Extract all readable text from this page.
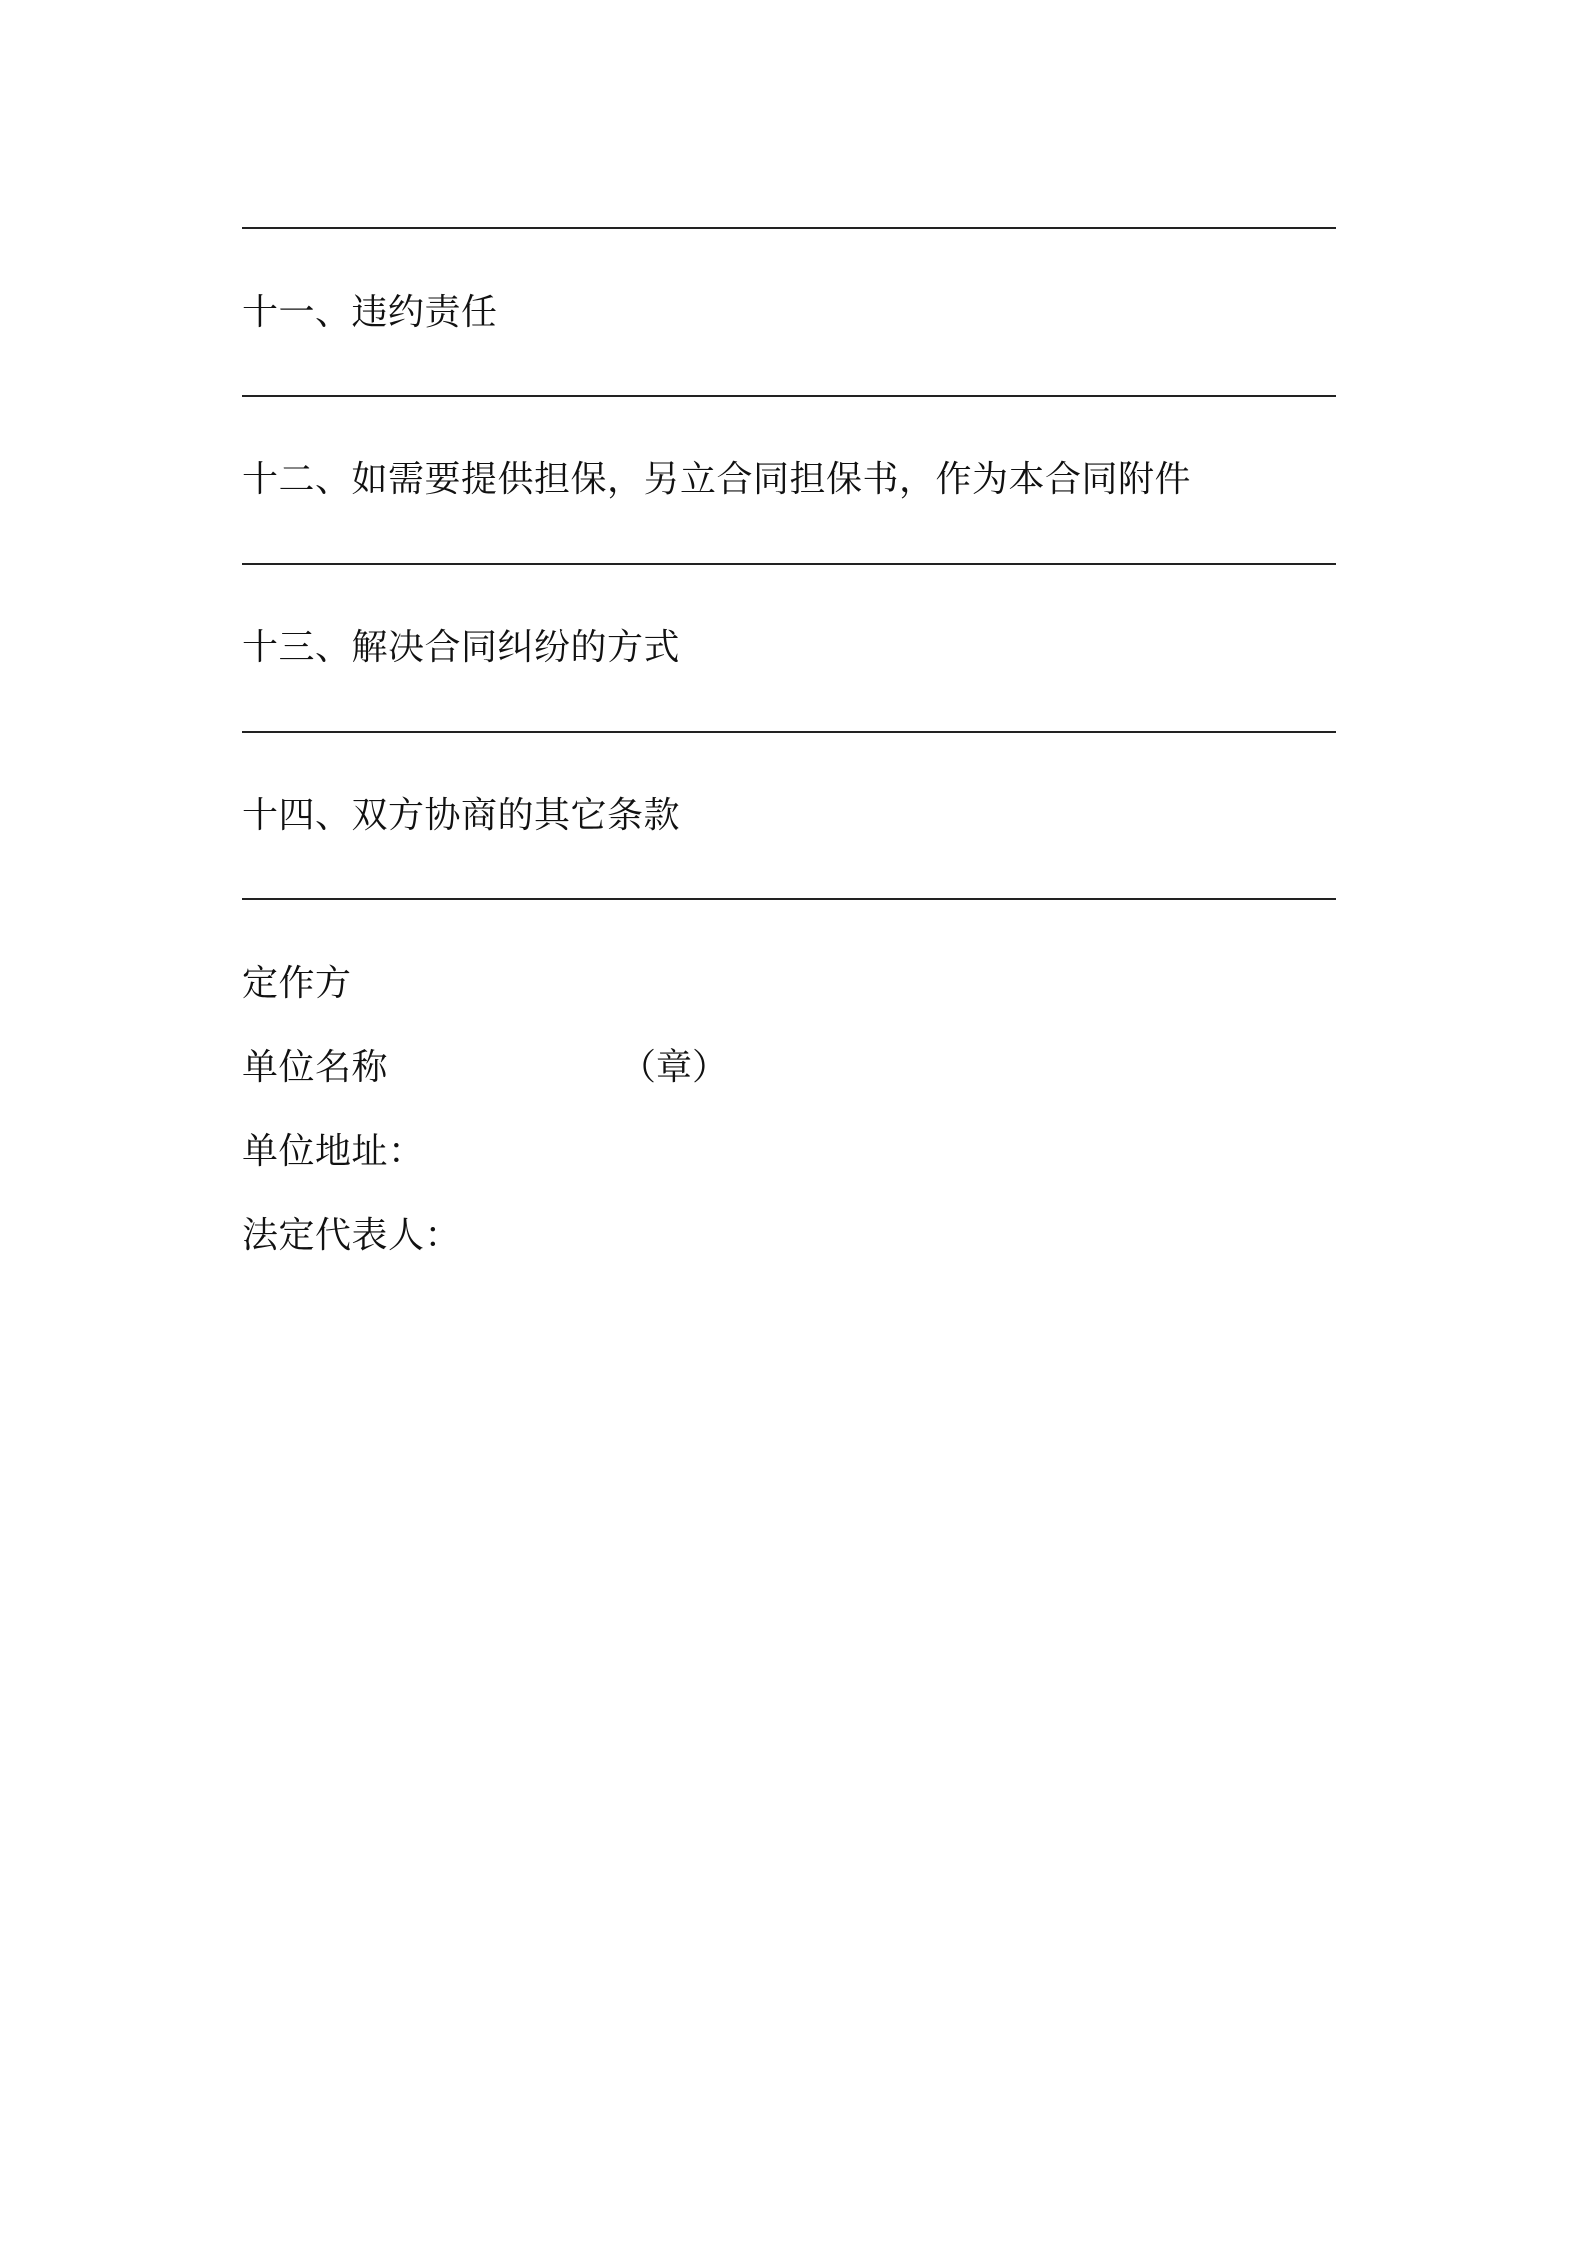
十一、违约责任
十二、如需要提供担保，另立合同担保书，作为本合同附件
十三、解决合同纠纷的方式
十四、双方协商的其它条款
定作方
单位名称	（章）
单位地址：
法定代表人：
